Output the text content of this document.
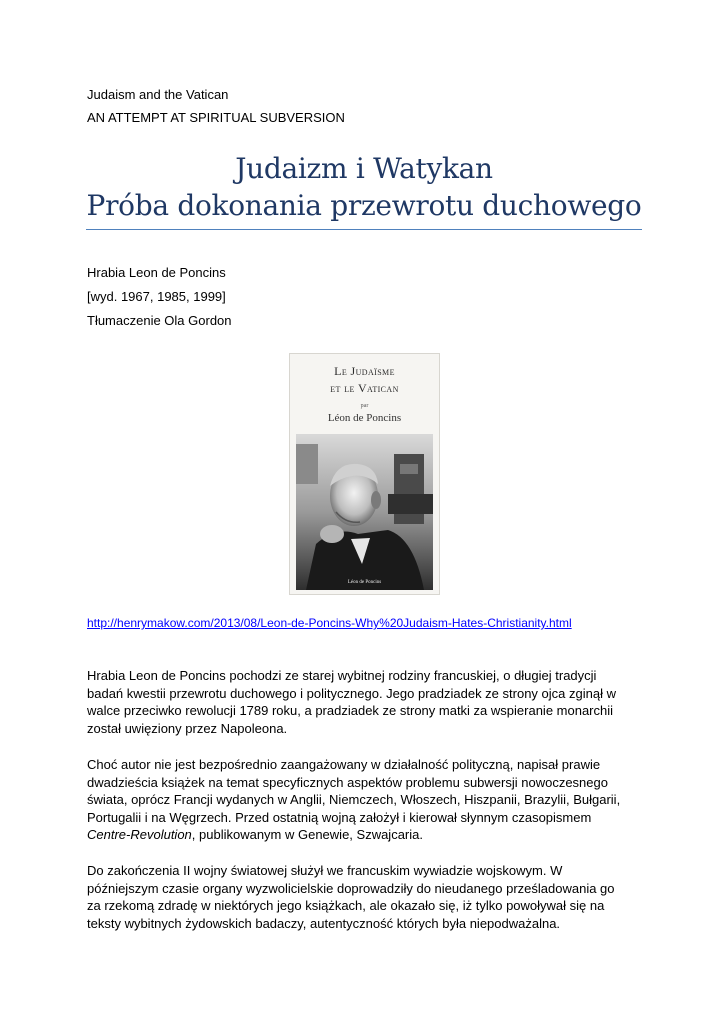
Judaism and the Vatican
AN ATTEMPT AT SPIRITUAL SUBVERSION
Judaizm i Watykan
Próba dokonania przewrotu duchowego
Hrabia Leon de Poncins
[wyd. 1967, 1985, 1999]
Tłumaczenie Ola Gordon
Le Judaïsme
et le Vatican
par
Léon de Poncins
Léon de Poncins
http://henrymakow.com/2013/08/Leon-de-Poncins-Why%20Judaism-Hates-Christianity.html
Hrabia Leon de Poncins pochodzi ze starej wybitnej rodziny francuskiej, o długiej tradycji
badań kwestii przewrotu duchowego i politycznego. Jego pradziadek ze strony ojca zginął w
walce przeciwko rewolucji 1789 roku, a pradziadek ze strony matki za wspieranie monarchii
został uwięziony przez Napoleona.
Choć autor nie jest bezpośrednio zaangażowany w działalność polityczną, napisał prawie
dwadzieścia książek na temat specyficznych aspektów problemu subwersji nowoczesnego
świata, oprócz Francji wydanych w Anglii, Niemczech, Włoszech, Hiszpanii, Brazylii, Bułgarii,
Portugalii i na Węgrzech. Przed ostatnią wojną założył i kierował słynnym czasopismem
Centre-Revolution, publikowanym w Genewie, Szwajcaria.
Do zakończenia II wojny światowej służył we francuskim wywiadzie wojskowym. W
późniejszym czasie organy wyzwolicielskie doprowadziły do nieudanego prześladowania go
za rzekomą zdradę w niektórych jego książkach, ale okazało się, iż tylko powoływał się na
teksty wybitnych żydowskich badaczy, autentyczność których była niepodważalna.
